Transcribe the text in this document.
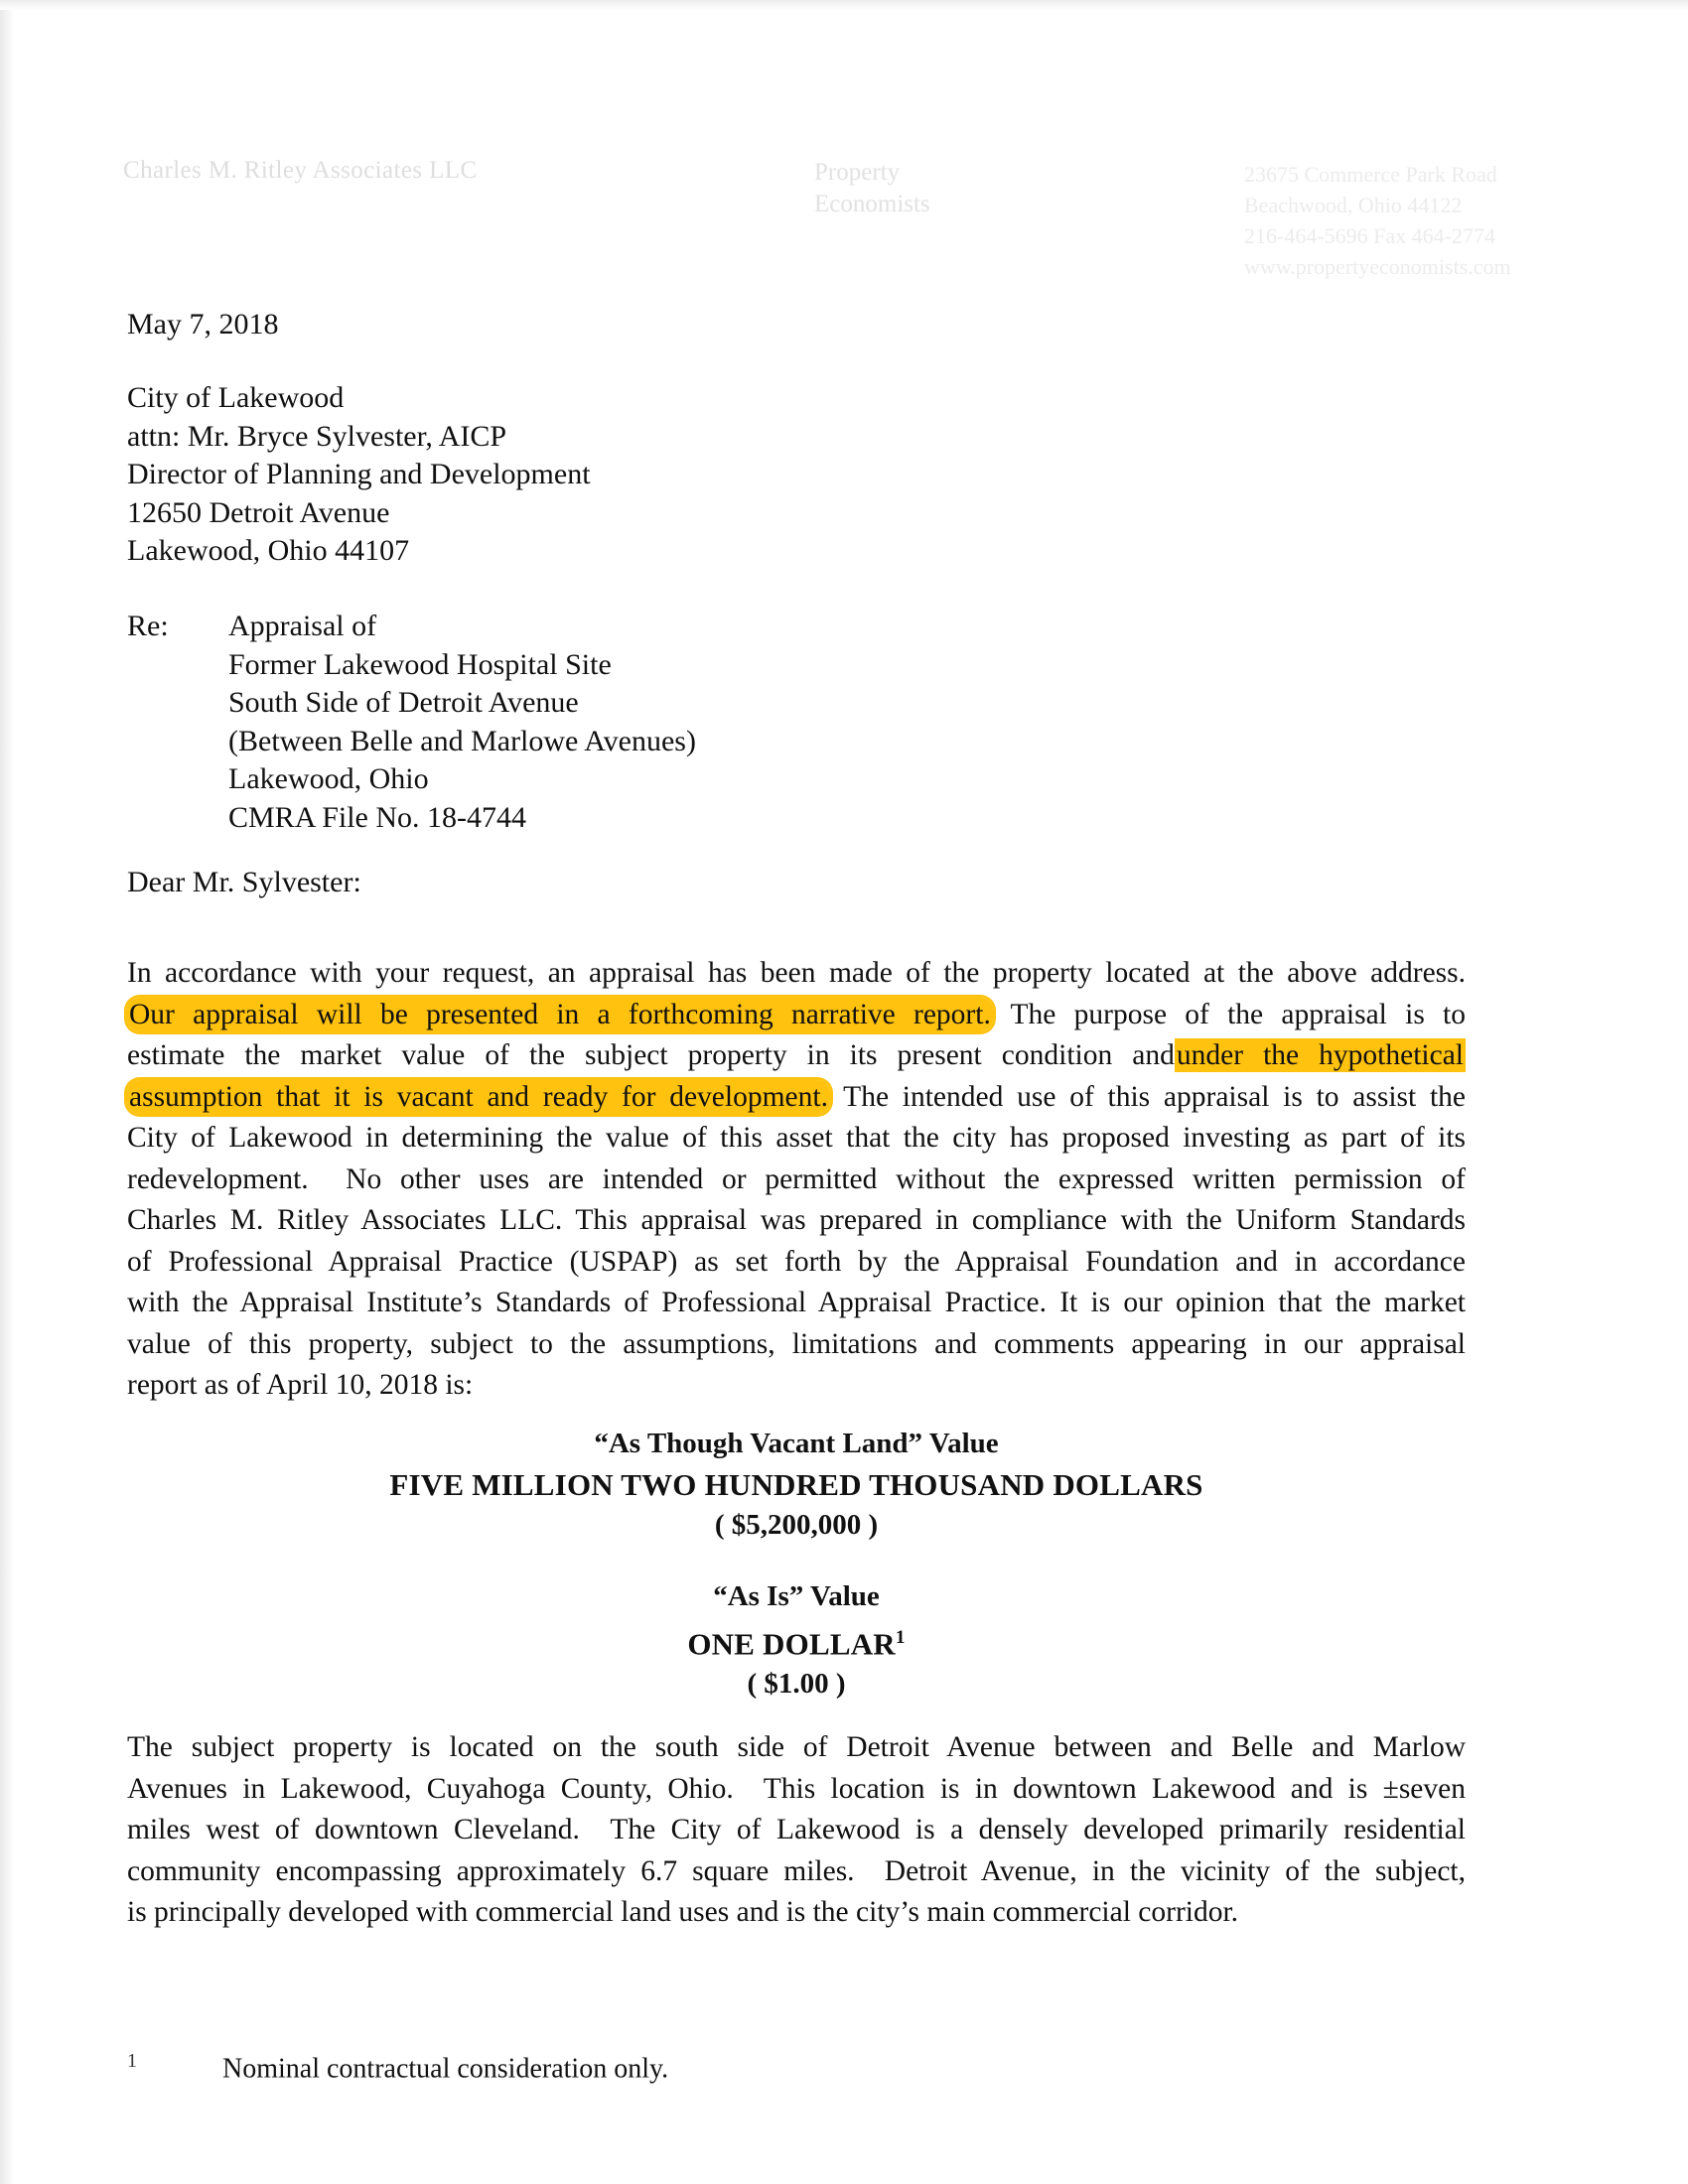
Charles M. Ritley Associates LLC	Property
Economists
23675 Commerce Park Road
Beachwood, Ohio 44122
216-464-5696 Fax 464-2774
www.propertyeconomists.com
May 7, 2018
City of Lakewood
attn: Mr. Bryce Sylvester, AICP
Director of Planning and Development
12650 Detroit Avenue
Lakewood, Ohio 44107
Re: Appraisal of
Former Lakewood Hospital Site
South Side of Detroit Avenue
(Between Belle and Marlowe Avenues)
Lakewood, Ohio
CMRA File No. 18-4744
Dear Mr. Sylvester:
In accordance with your request, an appraisal has been made of the property located at the above address.
Our appraisal will be presented in a forthcoming narrative report. The purpose of the appraisal is to
estimate the market value of the subject property in its present condition andunder the hypothetical
assumption that it is vacant and ready for development. The intended use of this appraisal is to assist the
City of Lakewood in determining the value of this asset that the city has proposed investing as part of its
redevelopment.  No other uses are intended or permitted without the expressed written permission of
Charles M. Ritley Associates LLC. This appraisal was prepared in compliance with the Uniform Standards
of Professional Appraisal Practice (USPAP) as set forth by the Appraisal Foundation and in accordance
with the Appraisal Institute’s Standards of Professional Appraisal Practice. It is our opinion that the market
value of this property, subject to the assumptions, limitations and comments appearing in our appraisal
report as of April 10, 2018 is:
“As Though Vacant Land” Value
FIVE MILLION TWO HUNDRED THOUSAND DOLLARS
( $5,200,000 )
“As Is” Value
ONE DOLLAR$^1$
( $1.00 )
The subject property is located on the south side of Detroit Avenue between and Belle and Marlow
Avenues in Lakewood, Cuyahoga County, Ohio.  This location is in downtown Lakewood and is ±seven
miles west of downtown Cleveland.  The City of Lakewood is a densely developed primarily residential
community encompassing approximately 6.7 square miles.  Detroit Avenue, in the vicinity of the subject,
is principally developed with commercial land uses and is the city’s main commercial corridor.
1	Nominal contractual consideration only.
